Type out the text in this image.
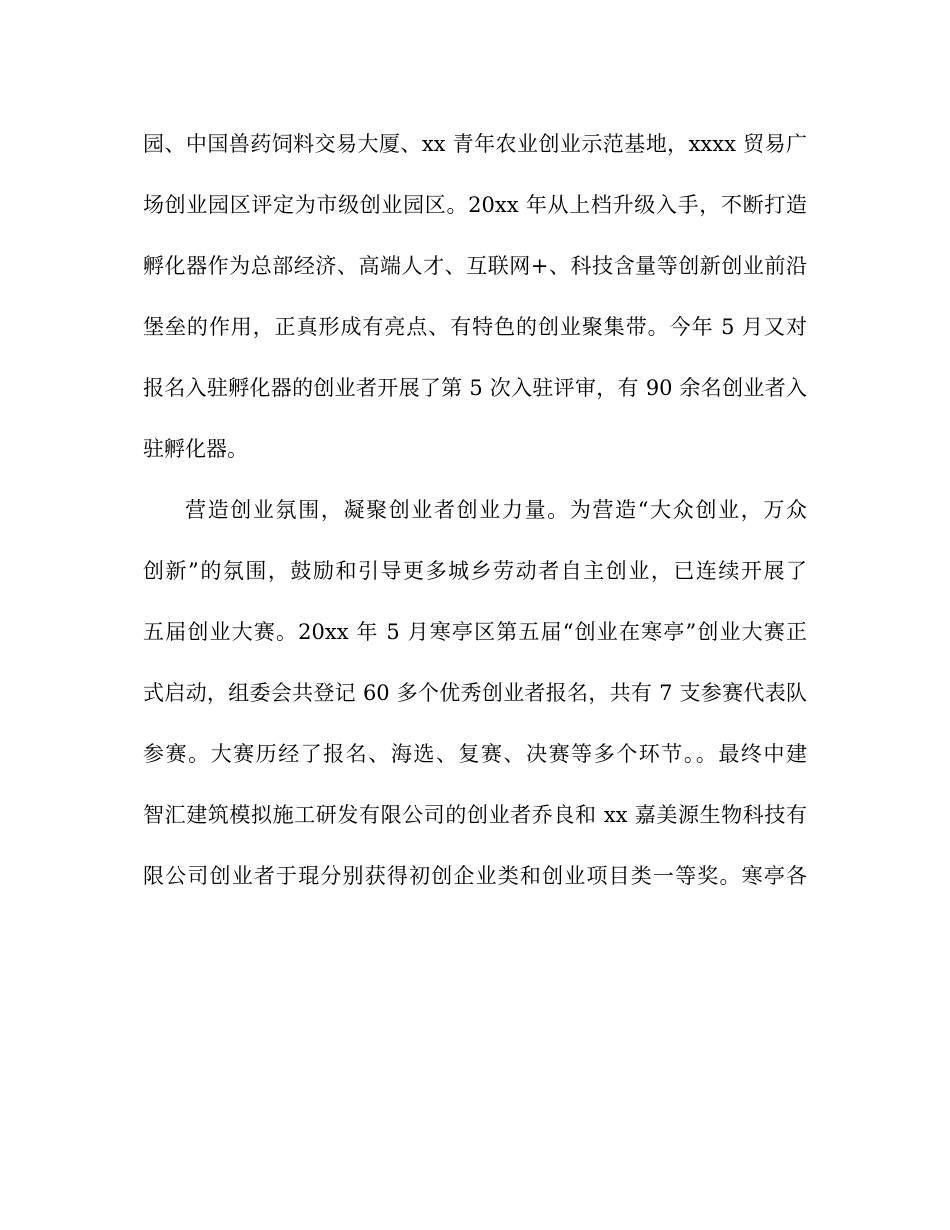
园、中国兽药饲料交易大厦、xx 青年农业创业示范基地，xxxx 贸易广
场创业园区评定为市级创业园区。20xx 年从上档升级入手，不断打造
孵化器作为总部经济、高端人才、互联网+、科技含量等创新创业前沿
堡垒的作用，正真形成有亮点、有特色的创业聚集带。今年 5 月又对
报名入驻孵化器的创业者开展了第 5 次入驻评审，有 90 余名创业者入
驻孵化器。
营造创业氛围，凝聚创业者创业力量。为营造“大众创业，万众
创新”的氛围，鼓励和引导更多城乡劳动者自主创业，已连续开展了
五届创业大赛。20xx 年 5 月寒亭区第五届“创业在寒亭”创业大赛正
式启动，组委会共登记 60 多个优秀创业者报名，共有 7 支参赛代表队
参赛。大赛历经了报名、海选、复赛、决赛等多个环节。。最终中建
智汇建筑模拟施工研发有限公司的创业者乔良和 xx 嘉美源生物科技有
限公司创业者于琨分别获得初创企业类和创业项目类一等奖。寒亭各
